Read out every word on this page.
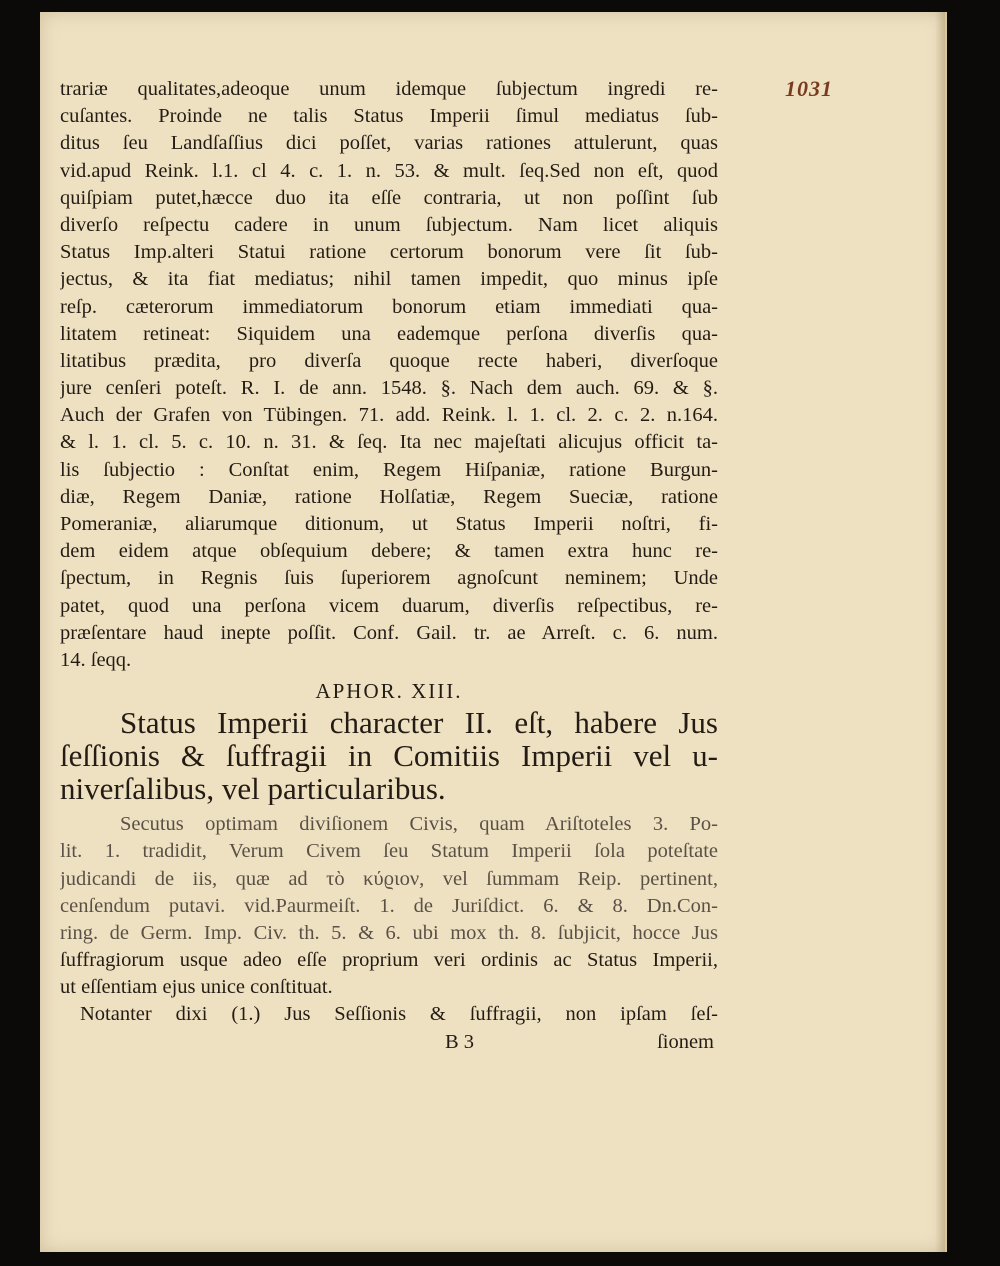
1031
trariæ qualitates,adeoque unum idemque ſubjectum ingredi re-
cuſantes. Proinde ne talis Status Imperii ſimul mediatus ſub-
ditus ſeu Landſaſſius dici poſſet, varias rationes attulerunt, quas
vid.apud Reink. l.1. cl 4. c. 1. n. 53. & mult. ſeq.Sed non eſt, quod
quiſpiam putet,hæcce duo ita eſſe contraria, ut non poſſint ſub
diverſo reſpectu cadere in unum ſubjectum. Nam licet aliquis
Status Imp.alteri Statui ratione certorum bonorum vere ſit ſub-
jectus, & ita fiat mediatus; nihil tamen impedit, quo minus ipſe
reſp. cæterorum immediatorum bonorum etiam immediati qua-
litatem retineat: Siquidem una eademque perſona diverſis qua-
litatibus prædita, pro diverſa quoque recte haberi, diverſoque
jure cenſeri poteſt. R. I. de ann. 1548. §. Nach dem auch. 69. & §.
Auch der Grafen von Tübingen. 71. add. Reink. l. 1. cl. 2. c. 2. n.164.
& l. 1. cl. 5. c. 10. n. 31. & ſeq. Ita nec majeſtati alicujus officit ta-
lis ſubjectio : Conſtat enim, Regem Hiſpaniæ, ratione Burgun-
diæ, Regem Daniæ, ratione Holſatiæ, Regem Sueciæ, ratione
Pomeraniæ, aliarumque ditionum, ut Status Imperii noſtri, fi-
dem eidem atque obſequium debere; & tamen extra hunc re-
ſpectum, in Regnis ſuis ſuperiorem agnoſcunt neminem; Unde
patet, quod una perſona vicem duarum, diverſis reſpectibus, re-
præſentare haud inepte poſſit. Conf. Gail. tr. ae Arreſt. c. 6. num.
14. ſeqq.
APHOR. XIII.
Status Imperii character II. eſt, habere Jus
ſeſſionis & ſuffragii in Comitiis Imperii vel u-
niverſalibus, vel particularibus.
Secutus optimam diviſionem Civis, quam Ariſtoteles 3. Po-
lit. 1. tradidit, Verum Civem ſeu Statum Imperii ſola poteſtate
judicandi de iis, quæ ad τὸ κύϱιον, vel ſummam Reip. pertinent,
cenſendum putavi. vid.Paurmeiſt. 1. de Juriſdict. 6. & 8. Dn.Con-
ring. de Germ. Imp. Civ. th. 5. & 6. ubi mox th. 8. ſubjicit, hocce Jus
ſuffragiorum usque adeo eſſe proprium veri ordinis ac Status Imperii,
ut eſſentiam ejus unice conſtituat.
Notanter dixi (1.) Jus Seſſionis & ſuffragii, non ipſam ſeſ-
B 3	ſionem
